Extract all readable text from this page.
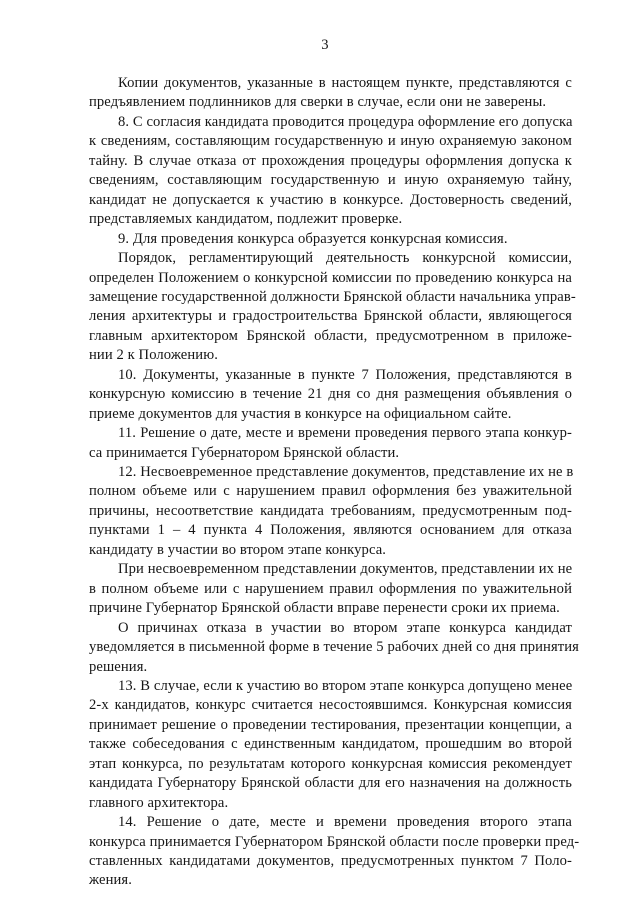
3
Копии документов, указанные в настоящем пункте, представляются с
предъявлением подлинников для сверки в случае, если они не заверены.
8. С согласия кандидата проводится процедура оформление его допуска
к сведениям, составляющим государственную и иную охраняемую законом
тайну. В случае отказа от прохождения процедуры оформления допуска к
сведениям, составляющим государственную и иную охраняемую тайну,
кандидат не допускается к участию в конкурсе. Достоверность сведений,
представляемых кандидатом, подлежит проверке.
9. Для проведения конкурса образуется конкурсная комиссия.
Порядок, регламентирующий деятельность конкурсной комиссии,
определен Положением о конкурсной комиссии по проведению конкурса на
замещение государственной должности Брянской области начальника управ-
ления архитектуры и градостроительства Брянской области, являющегося
главным архитектором Брянской области, предусмотренном в приложе-
нии 2 к Положению.
10. Документы, указанные в пункте 7 Положения, представляются в
конкурсную комиссию в течение 21 дня со дня размещения объявления о
приеме документов для участия в конкурсе на официальном сайте.
11. Решение о дате, месте и времени проведения первого этапа конкур-
са принимается Губернатором Брянской области.
12. Несвоевременное представление документов, представление их не в
полном объеме или с нарушением правил оформления без уважительной
причины, несоответствие кандидата требованиям, предусмотренным под-
пунктами 1 – 4 пункта 4 Положения, являются основанием для отказа
кандидату в участии во втором этапе конкурса.
При несвоевременном представлении документов, представлении их не
в полном объеме или с нарушением правил оформления по уважительной
причине Губернатор Брянской области вправе перенести сроки их приема.
О причинах отказа в участии во втором этапе конкурса кандидат
уведомляется в письменной форме в течение 5 рабочих дней со дня принятия
решения.
13. В случае, если к участию во втором этапе конкурса допущено менее
2-х кандидатов, конкурс считается несостоявшимся. Конкурсная комиссия
принимает решение о проведении тестирования, презентации концепции, а
также собеседования с единственным кандидатом, прошедшим во второй
этап конкурса, по результатам которого конкурсная комиссия рекомендует
кандидата Губернатору Брянской области для его назначения на должность
главного архитектора.
14. Решение о дате, месте и времени проведения второго этапа
конкурса принимается Губернатором Брянской области после проверки пред-
ставленных кандидатами документов, предусмотренных пунктом 7 Поло-
жения.
